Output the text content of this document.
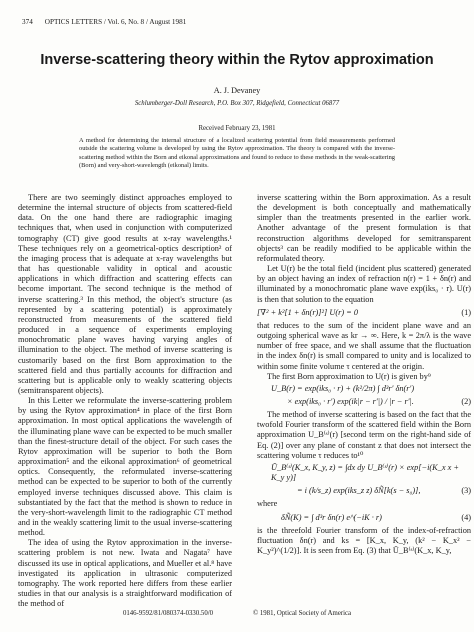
374 OPTICS LETTERS / Vol. 6, No. 8 / August 1981
Inverse-scattering theory within the Rytov approximation
A. J. Devaney
Schlumberger-Doll Research, P.O. Box 307, Ridgefield, Connecticut 06877
Received February 23, 1981
A method for determining the internal structure of a localized scattering potential from field measurements performed outside the scattering volume is developed by using the Rytov approximation. The theory is compared with the inverse-scattering method within the Born and eikonal approximations and found to reduce to these methods in the weak-scattering (Born) and very-short-wavelength (eikonal) limits.

There are two seemingly distinct approaches employed to determine the internal structure of objects from scattered-field data. On the one hand there are radiographic imaging techniques that, when used in conjunction with computerized tomography (CT) give good results at x-ray wavelengths.¹ These techniques rely on a geometrical-optics description² of the imaging process that is adequate at x-ray wavelengths but that has questionable validity in optical and acoustic applications in which diffraction and scattering effects can become important. The second technique is the method of inverse scattering.³ In this method, the object's structure (as represented by a scattering potential) is approximately reconstructed from measurements of the scattered field produced in a sequence of experiments employing monochromatic plane waves having varying angles of illumination to the object. The method of inverse scattering is customarily based on the first Born approximation to the scattered field and thus partially accounts for diffraction and scattering but is applicable only to weakly scattering objects (semitransparent objects).

In this Letter we reformulate the inverse-scattering problem by using the Rytov approximation⁴ in place of the first Born approximation. In most optical applications the wavelength of the illuminating plane wave can be expected to be much smaller than the finest-structure detail of the object. For such cases the Rytov approximation will be superior to both the Born approximation⁵ and the eikonal approximation⁶ of geometrical optics. Consequently, the reformulated inverse-scattering method can be expected to be superior to both of the currently employed inverse techniques discussed above. This claim is substantiated by the fact that the method is shown to reduce in the very-short-wavelength limit to the radiographic CT method and in the weakly scattering limit to the usual inverse-scattering method.

The idea of using the Rytov approximation in the inverse-scattering problem is not new. Iwata and Nagata⁷ have discussed its use in optical applications, and Mueller et al.⁸ have investigated its application in ultrasonic computerized tomography. The work reported here differs from these earlier studies in that our analysis is a straightforward modification of the method of

inverse scattering within the Born approximation. As a result the development is both conceptually and mathematically simpler than the treatments presented in the earlier work. Another advantage of the present formulation is that reconstruction algorithms developed for semitransparent objects³ can be readily modified to be applicable within the reformulated theory.

Let U(r) be the total field (incident plus scattered) generated by an object having an index of refraction n(r) = 1 + δn(r) and illuminated by a monochromatic plane wave exp(iks₀ · r). U(r) is then that solution to the equation

[∇² + k²[1 + δn(r)]²] U(r) = 0	(1)

that reduces to the sum of the incident plane wave and an outgoing spherical wave as kr → ∞. Here, k = 2π/λ is the wave number of free space, and we shall assume that the fluctuation in the index δn(r) is small compared to unity and is localized to within some finite volume τ centered at the origin.

The first Born approximation to U(r) is given by⁹

U_B(r) = exp(iks₀ · r) + (k²/2π) ∫ d³r′ δn(r′)
× exp(iks₀ · r′) exp(ik|r − r′|) / |r − r′|.	(2)

The method of inverse scattering is based on the fact that the twofold Fourier transform of the scattered field within the Born approximation U_B⁽ˢ⁾(r) [second term on the right-hand side of Eq. (2)] over any plane of constant z that does not intersect the scattering volume τ reduces to¹⁰

Ũ_B⁽ˢ⁾(K_x, K_y, z) = ∫dx dy U_B⁽ˢ⁾(r) × exp[−i(K_x x + K_y y)]
= i (k/s_z) exp(iks_z z) δÑ[k(s − s₀)],	(3)

where

δÑ(K) = ∫ d³r δn(r) e^(−iK · r)	(4)

is the threefold Fourier transform of the index-of-refraction fluctuation δn(r) and ks = [K_x, K_y, (k² − K_x² − K_y²)^(1/2)]. It is seen from Eq. (3) that Ũ_B⁽ˢ⁾(K_x, K_y,

0146-9592/81/080374-0330.50/0	© 1981, Optical Society of America
